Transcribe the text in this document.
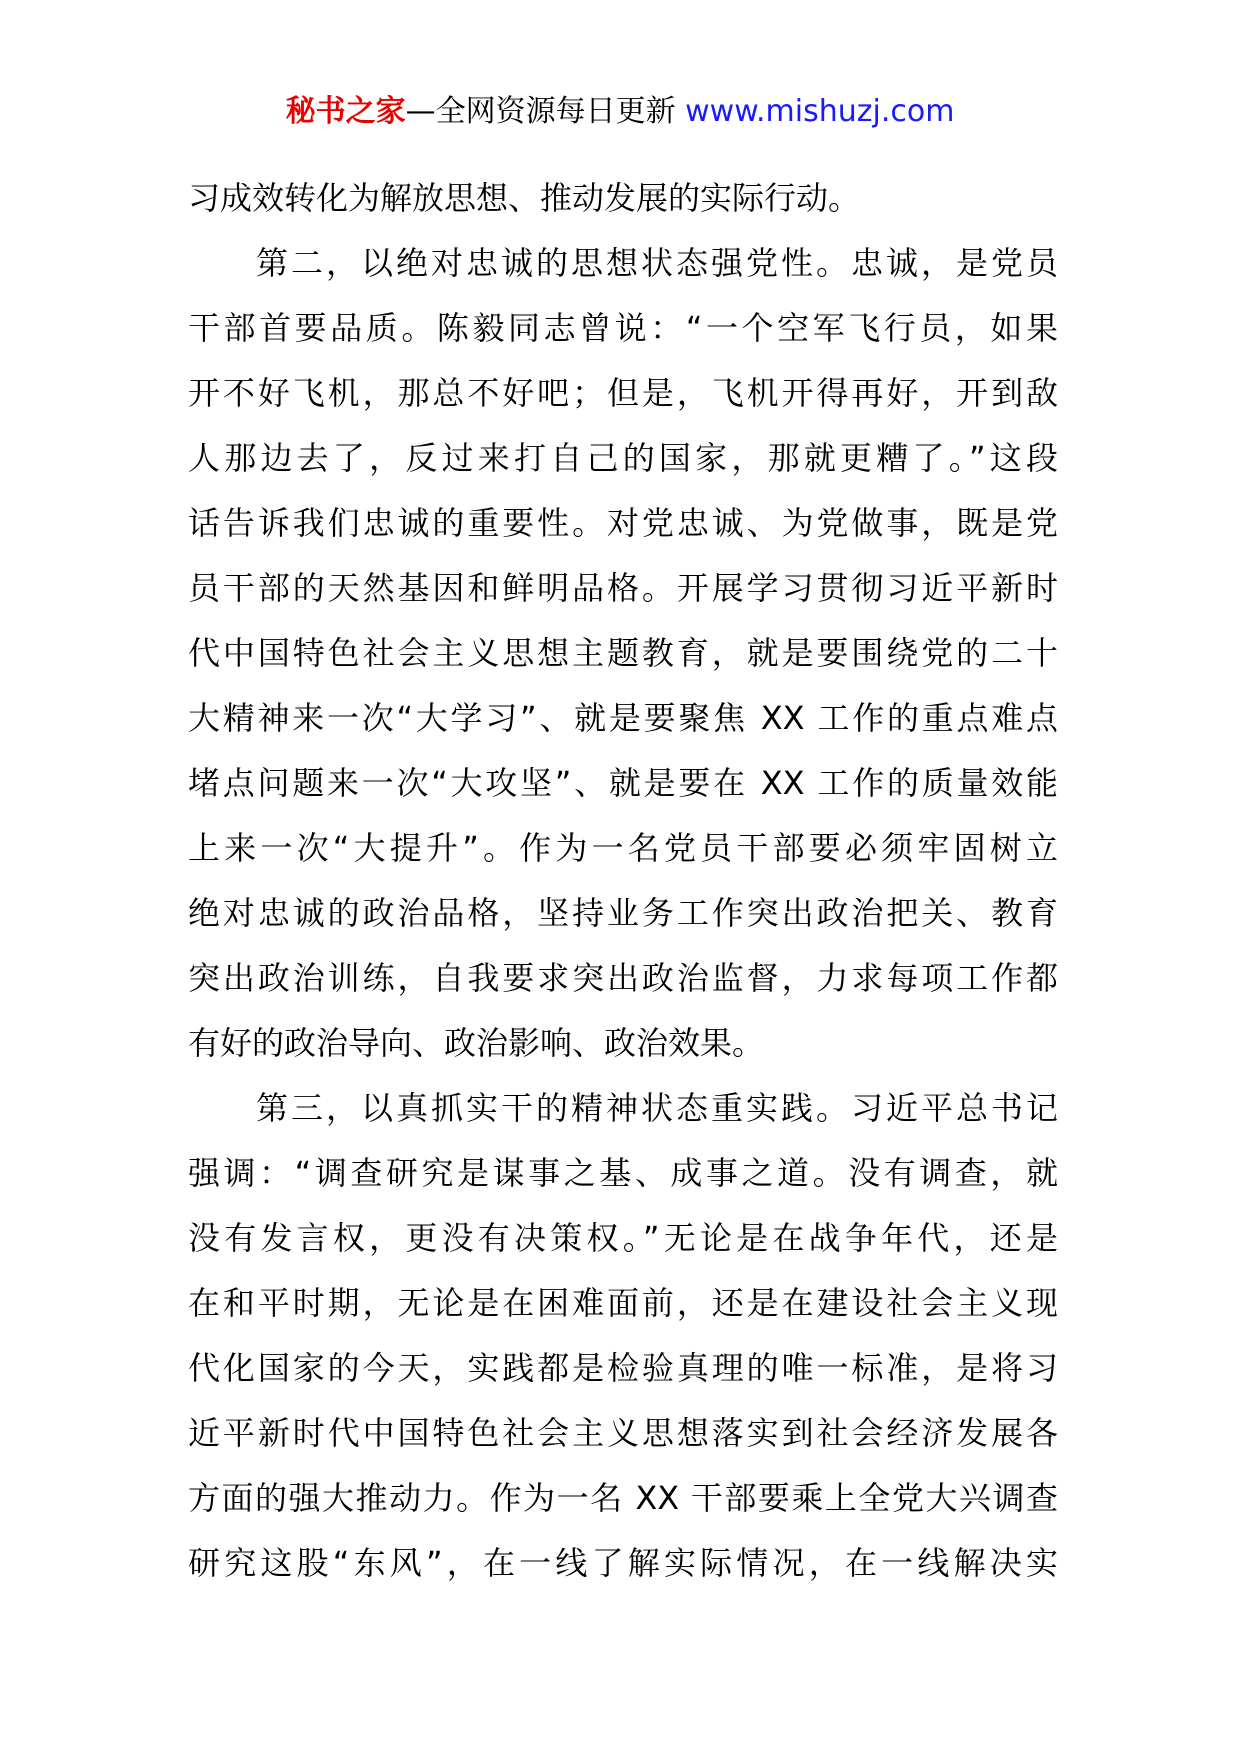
秘书之家—全网资源每日更新 www.mishuzj.com
习成效转化为解放思想、推动发展的实际行动。
第二，以绝对忠诚的思想状态强党性。忠诚，是党员
干部首要品质。陈毅同志曾说：“一个空军飞行员，如果
开不好飞机，那总不好吧；但是，飞机开得再好，开到敌
人那边去了，反过来打自己的国家，那就更糟了。”这段
话告诉我们忠诚的重要性。对党忠诚、为党做事，既是党
员干部的天然基因和鲜明品格。开展学习贯彻习近平新时
代中国特色社会主义思想主题教育，就是要围绕党的二十
大精神来一次“大学习”、就是要聚焦 XX 工作的重点难点
堵点问题来一次“大攻坚”、就是要在 XX 工作的质量效能
上来一次“大提升”。作为一名党员干部要必须牢固树立
绝对忠诚的政治品格，坚持业务工作突出政治把关、教育
突出政治训练，自我要求突出政治监督，力求每项工作都
有好的政治导向、政治影响、政治效果。
第三，以真抓实干的精神状态重实践。习近平总书记
强调：“调查研究是谋事之基、成事之道。没有调查，就
没有发言权，更没有决策权。”无论是在战争年代，还是
在和平时期，无论是在困难面前，还是在建设社会主义现
代化国家的今天，实践都是检验真理的唯一标准，是将习
近平新时代中国特色社会主义思想落实到社会经济发展各
方面的强大推动力。作为一名 XX 干部要乘上全党大兴调查
研究这股“东风”，在一线了解实际情况，在一线解决实
